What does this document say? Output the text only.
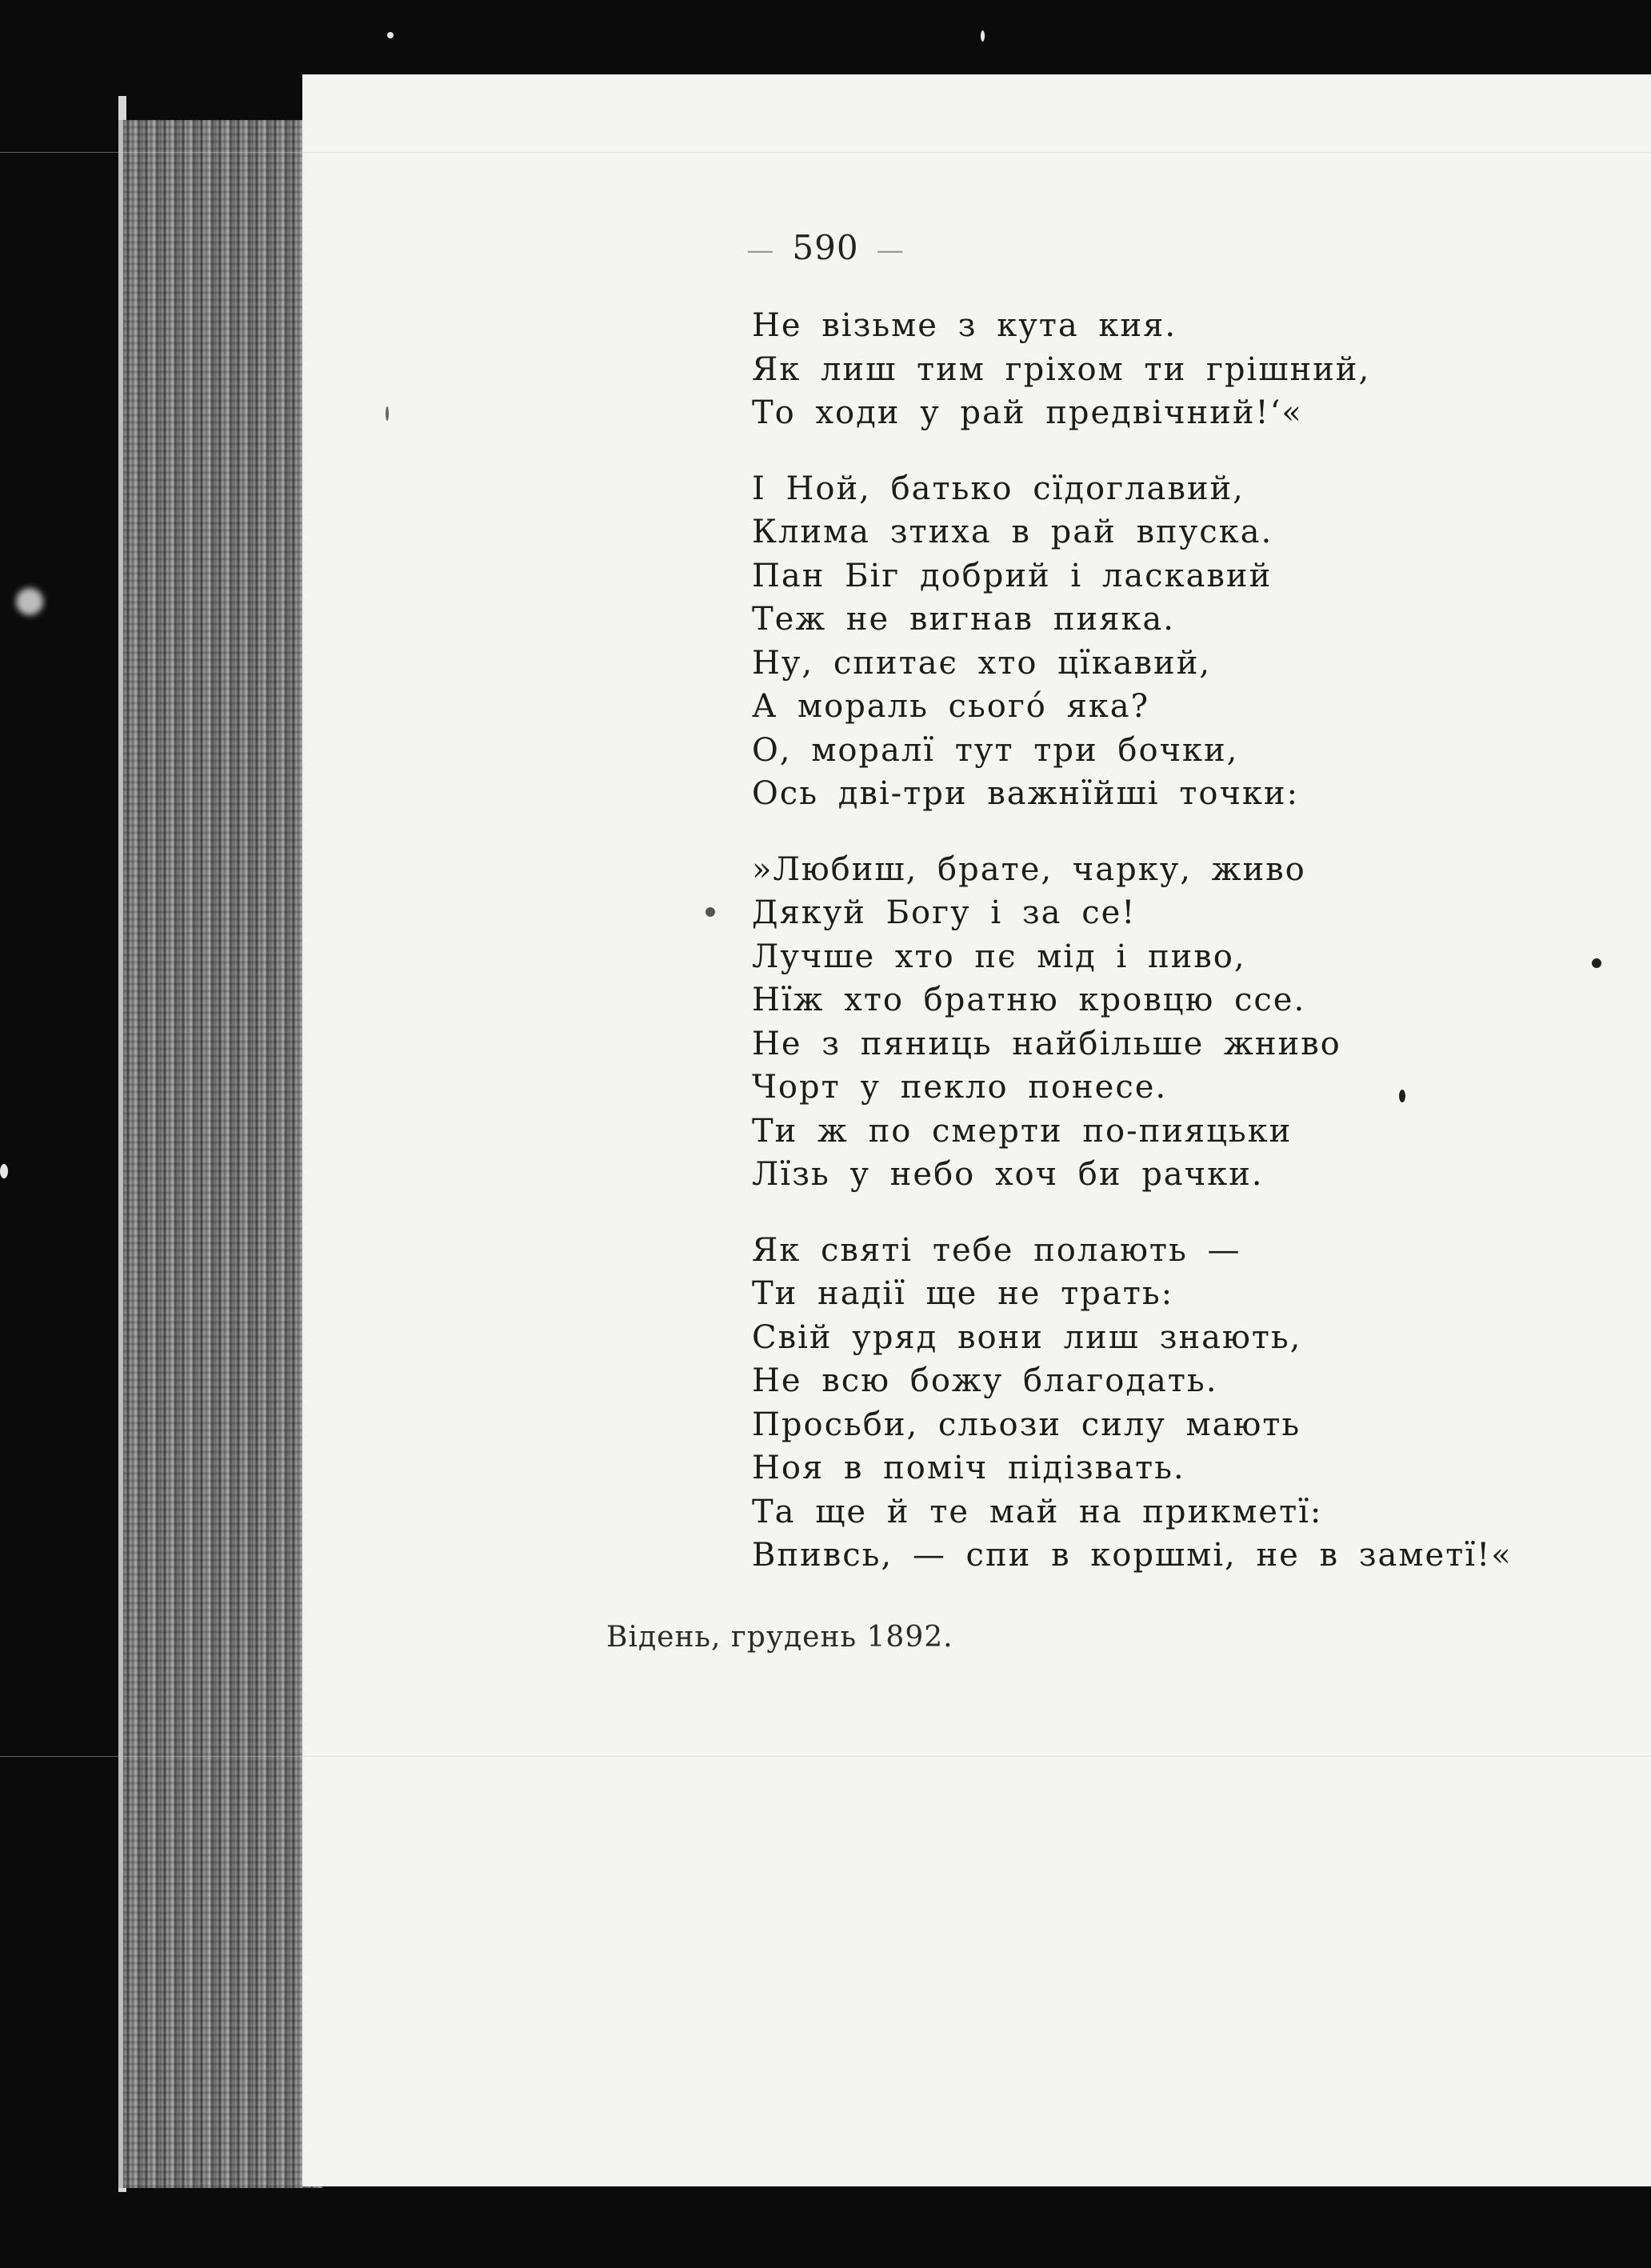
— 590 —
Не візьме з кута кия.
Як лиш тим гріхом ти грішний,
То ходи у рай предвічний!‘«
І Ной, батько сїдоглавий,
Клима зтиха в рай впуска.
Пан Біг добрий і ласкавий
Теж не вигнав пияка.
Ну, спитає хто цїкавий,
А мораль сього́ яка?
О, моралї тут три бочки,
Ось дві-три важнїйші точки:
»Любиш, брате, чарку, живо
Дякуй Богу і за се!
Лучше хто пє мід і пиво,
Нїж хто братню кровцю ссе.
Не з пяниць найбільше жниво
Чорт у пекло понесе.
Ти ж по смерти по-пияцьки
Лїзь у небо хоч би рачки.
Як святі тебе полають —
Ти надії ще не трать:
Свій уряд вони лиш знають,
Не всю божу благодать.
Просьби, сльози силу мають
Ноя в поміч підізвать.
Та ще й те май на прикметї:
Впивсь, — спи в коршмі, не в заметї!«
Відень, грудень 1892.
